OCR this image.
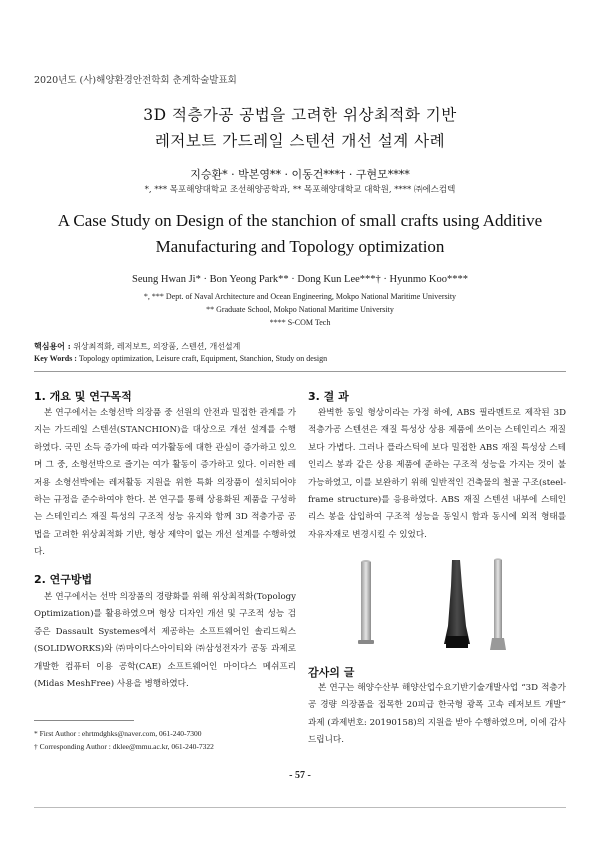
2020년도 (사)해양환경안전학회 춘계학술발표회
3D 적층가공 공법을 고려한 위상최적화 기반
레저보트 가드레일 스텐션 개선 설계 사례
지승환* · 박본영** · 이동건***† · 구현모****
*, *** 목포해양대학교 조선해양공학과, ** 목포해양대학교 대학원, **** ㈜에스컴텍
A Case Study on Design of the stanchion of small crafts using Additive
Manufacturing and Topology optimization
Seung Hwan Ji* · Bon Yeong Park** · Dong Kun Lee***† · Hyunmo Koo****
*, *** Dept. of Naval Architecture and Ocean Engineering, Mokpo National Maritime University
** Graduate School, Mokpo National Maritime University
**** S-COM Tech
핵심용어 : 위상최적화, 레저보트, 의장품, 스텐션, 개선설계
Key Words : Topology optimization, Leisure craft, Equipment, Stanchion, Study on design
1. 개요 및 연구목적

본 연구에서는 소형선박 의장품 중 선원의 안전과 밀접한 관계를 가지는 가드레일 스텐션(STANCHION)을 대상으로 개선 설계를 수행하였다. 국민 소득 증가에 따라 여가활동에 대한 관심이 증가하고 있으며 그 중, 소형선박으로 즐기는 여가 활동이 증가하고 있다. 이러한 레저용 소형선박에는 레저활동 지원을 위한 특화 의장품이 설치되어야 하는 규정을 준수하여야 한다. 본 연구를 통해 상용화된 제품을 구성하는 스테인리스 재질 특성의 구조적 성능 유지와 함께 3D 적층가공 공법을 고려한 위상최적화 기반, 형상 제약이 없는 개선 설계를 수행하였다.

2. 연구방법

본 연구에서는 선박 의장품의 경량화를 위해 위상최적화(Topology Optimization)를 활용하였으며 형상 디자인 개선 및 구조적 성능 검증은 Dassault Systemes에서 제공하는 소프트웨어인 솔리드웍스(SOLIDWORKS)와 ㈜마이다스아이티와 ㈜삼성전자가 공동 과제로 개발한 컴퓨터 이용 공학(CAE) 소프트웨어인 마이다스 메쉬프리(Midas MeshFree) 사용을 병행하였다.

3. 결 과

완벽한 동일 형상이라는 가정 하에, ABS 필라멘트로 제작된 3D 적층가공 스텐션은 재질 특성상 상용 제품에 쓰이는 스테인리스 재질보다 가볍다. 그러나 플라스틱에 보다 밀접한 ABS 재질 특성상 스테인리스 봉과 같은 상용 제품에 준하는 구조적 성능을 가지는 것이 불가능하였고, 이를 보완하기 위해 일반적인 건축물의 철골 구조(steel-frame structure)를 응용하였다. ABS 재질 스텐션 내부에 스테인리스 봉을 삽입하여 구조적 성능을 동일시 함과 동시에 외적 형태를 자유자재로 변경시킬 수 있었다.

감사의 글

본 연구는 해양수산부 해양산업수요기반기술개발사업 “3D 적층가공 경량 의장품을 접목한 20피급 한국형 광폭 고속 레저보트 개발” 과제 (과제번호: 20190158)의 지원을 받아 수행하였으며, 이에 감사드립니다.

* First Author : ehrtmdghks@naver.com, 061-240-7300
† Corresponding Author : dklee@mmu.ac.kr, 061-240-7322
- 57 -
